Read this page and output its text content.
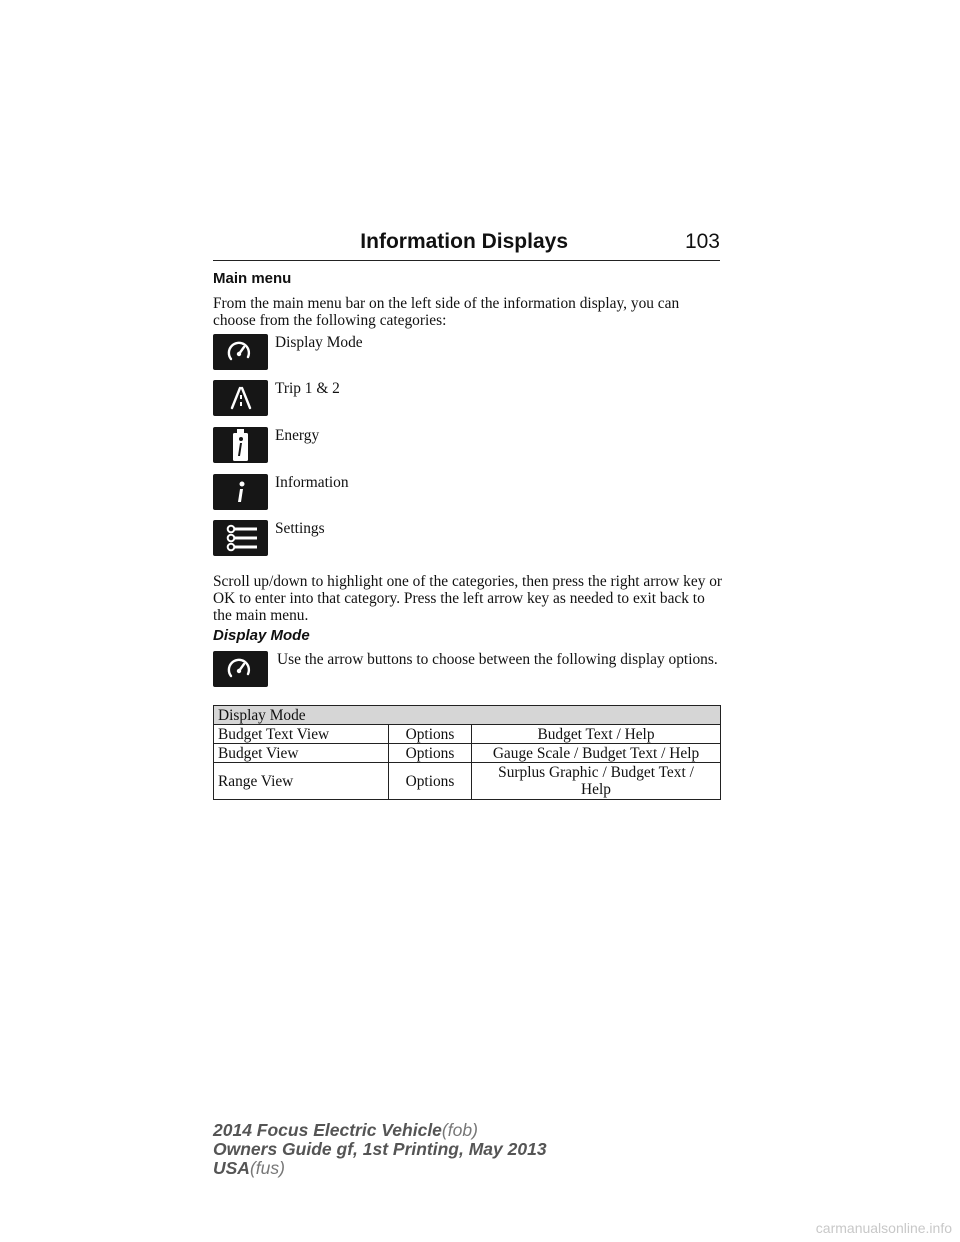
Information Displays	103
Main menu
From the main menu bar on the left side of the information display, you can choose from the following categories:
Display Mode
Trip 1 & 2
Energy
Information
Settings
Scroll up/down to highlight one of the categories, then press the right arrow key or OK to enter into that category. Press the left arrow key as needed to exit back to the main menu.
Display Mode
Use the arrow buttons to choose between the following display options.
Display Mode		
Budget Text View	Options	Budget Text / Help
Budget View	Options	Gauge Scale / Budget Text / Help
Range View	Options	Surplus Graphic / Budget Text / Help
2014 Focus Electric Vehicle(fob)
Owners Guide gf, 1st Printing, May 2013
USA(fus)
carmanualsonline.info
